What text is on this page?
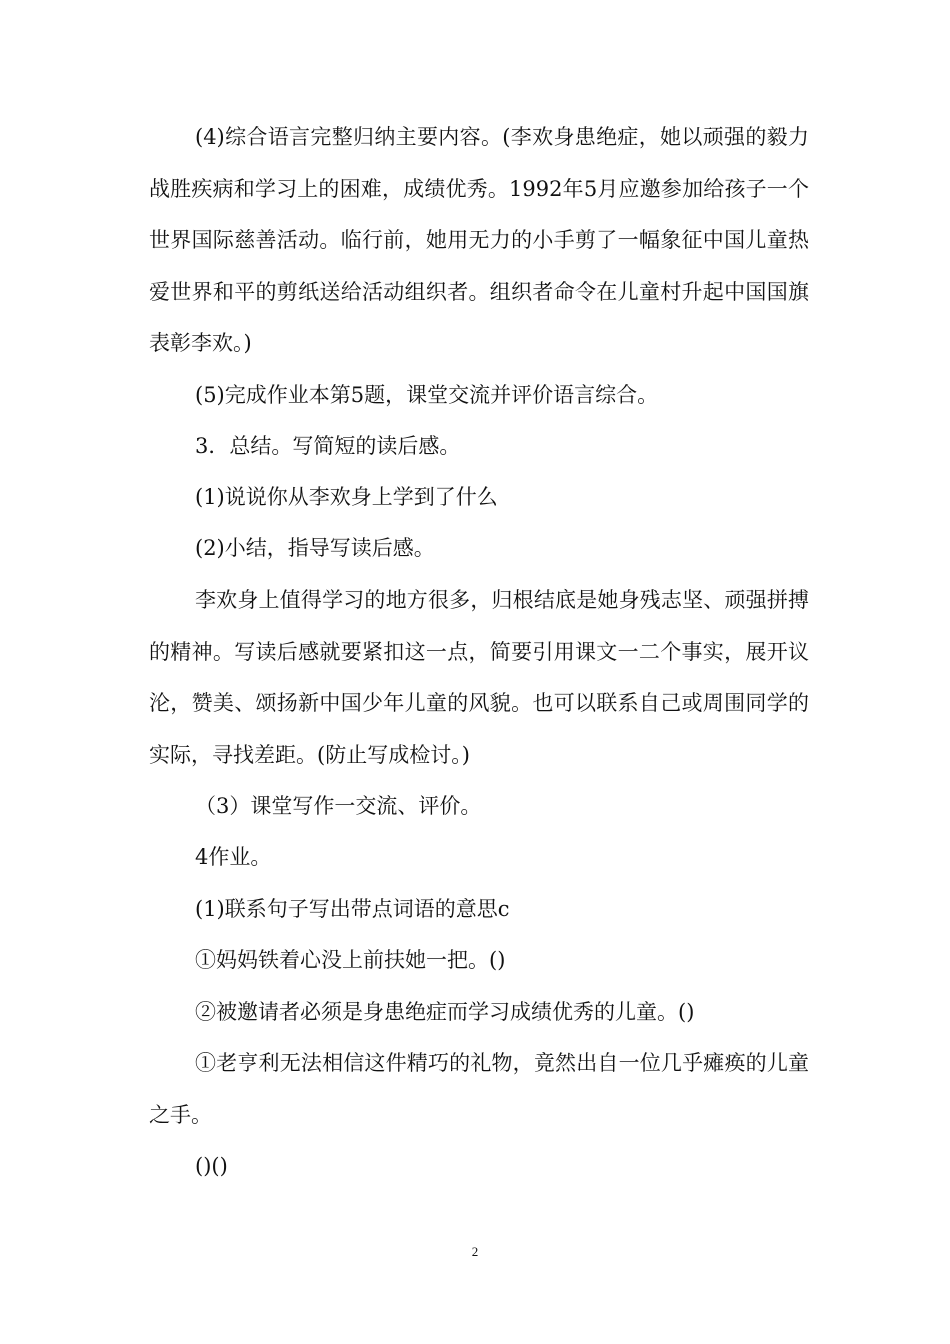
(4)综合语言完整归纳主要内容。(李欢身患绝症，她以顽强的毅力战胜疾病和学习上的困难，成绩优秀。1992年5月应邀参加给孩子一个世界国际慈善活动。临行前，她用无力的小手剪了一幅象征中国儿童热爱世界和平的剪纸送给活动组织者。组织者命令在儿童村升起中国国旗表彰李欢。)

(5)完成作业本第5题，课堂交流并评价语言综合。

3．总结。写简短的读后感。

(1)说说你从李欢身上学到了什么

(2)小结，指导写读后感。

李欢身上值得学习的地方很多，归根结底是她身残志坚、顽强拼搏的精神。写读后感就要紧扣这一点，简要引用课文一二个事实，展开议沦，赞美、颂扬新中国少年儿童的风貌。也可以联系自己或周围同学的实际，寻找差距。(防止写成检讨。)

（3）课堂写作一交流、评价。

4作业。

(1)联系句子写出带点词语的意思c

①妈妈铁着心没上前扶她一把。()

②被邀请者必须是身患绝症而学习成绩优秀的儿童。()

①老亨利无法相信这件精巧的礼物，竟然出自一位几乎瘫痪的儿童之手。

()()

2
